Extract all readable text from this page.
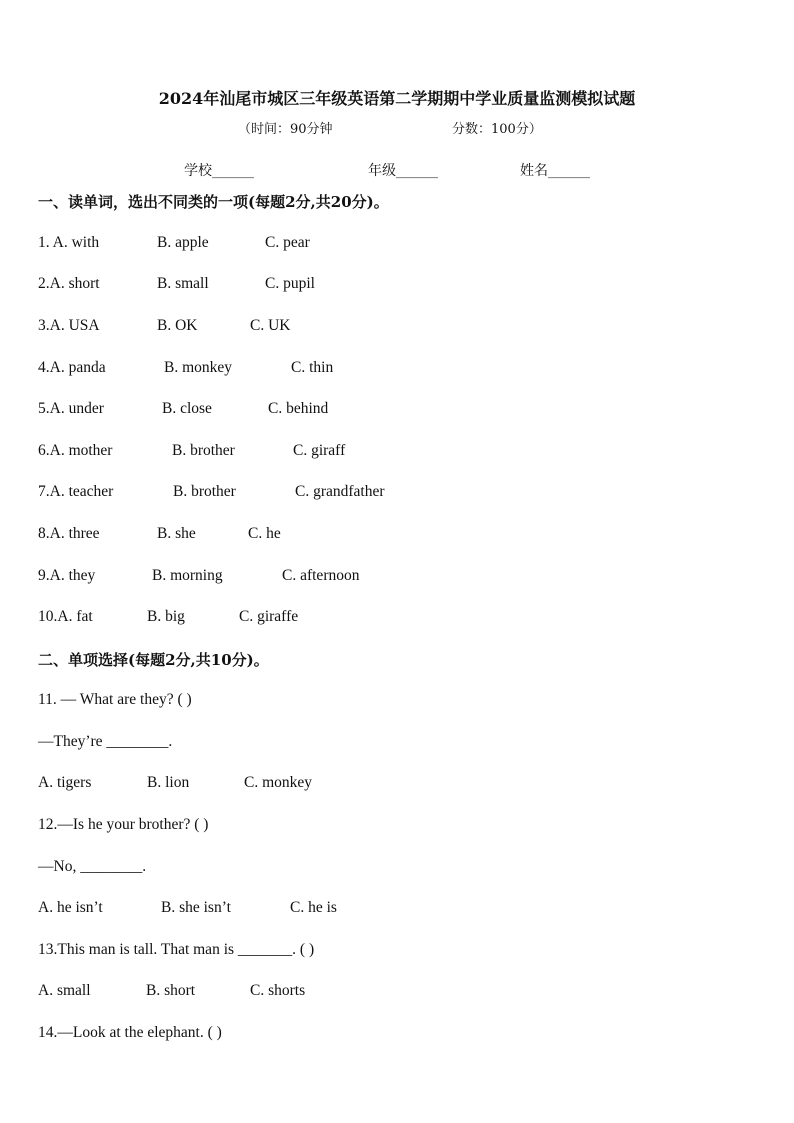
2024年汕尾市城区三年级英语第二学期期中学业质量监测模拟试题
（时间：90分钟	分数：100分）
学校______	年级______	姓名______
一、读单词，选出不同类的一项(每题2分,共20分)。
1. A. with	B. apple	C. pear
2.A. short	B. small	C. pupil
3.A. USA	B. OK	C. UK
4.A. panda	B. monkey	C. thin
5.A. under	B. close	C. behind
6.A. mother	B. brother	C. giraff
7.A. teacher	B. brother	C. grandfather
8.A. three	B. she	C. he
9.A. they	B. morning	C. afternoon
10.A. fat	B. big	C. giraffe
二、单项选择(每题2分,共10分)。
11. — What are they? ( )
—They’re ________.
A. tigers	B. lion	C. monkey
12.—Is he your brother? ( )
—No, ________.
A. he isn’t	B. she isn’t	C. he is
13.This man is tall. That man is _______. ( )
A. small	B. short	C. shorts
14.—Look at the elephant. ( )
